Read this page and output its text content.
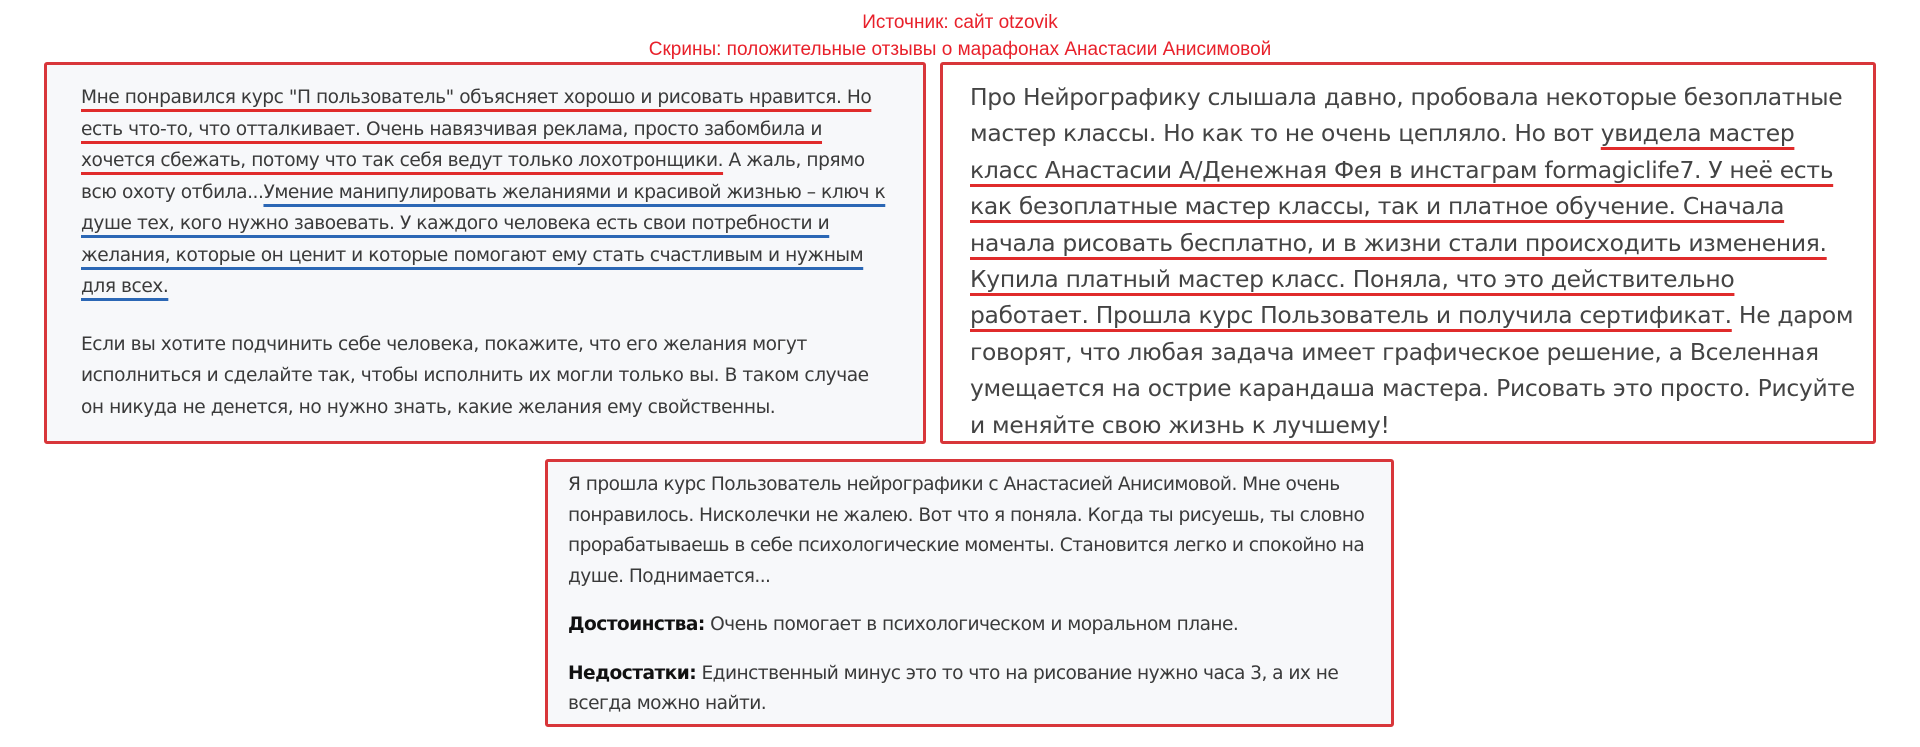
Источник: сайт otzovik
Скрины: положительные отзывы о марафонах Анастасии Анисимовой

Мне понравился курс "П пользователь" объясняет хорошо и рисовать нравится. Но есть что-то, что отталкивает. Очень навязчивая реклама, просто забомбила и хочется сбежать, потому что так себя ведут только лохотронщики. А жаль, прямо всю охоту отбила...Умение манипулировать желаниями и красивой жизнью – ключ к душе тех, кого нужно завоевать. У каждого человека есть свои потребности и желания, которые он ценит и которые помогают ему стать счастливым и нужным для всех.

Если вы хотите подчинить себе человека, покажите, что его желания могут исполниться и сделайте так, чтобы исполнить их могли только вы. В таком случае он никуда не денется, но нужно знать, какие желания ему свойственны.

Про Нейрографику слышала давно, пробовала некоторые безоплатные мастер классы. Но как то не очень цепляло. Но вот увидела мастер класс Анастасии А/Денежная Фея в инстаграм formagiclife7. У неё есть как безоплатные мастер классы, так и платное обучение. Сначала начала рисовать бесплатно, и в жизни стали происходить изменения. Купила платный мастер класс. Поняла, что это действительно работает. Прошла курс Пользователь и получила сертификат. Не даром говорят, что любая задача имеет графическое решение, а Вселенная умещается на острие карандаша мастера. Рисовать это просто. Рисуйте и меняйте свою жизнь к лучшему!

Я прошла курс Пользователь нейрографики с Анастасией Анисимовой. Мне очень понравилось. Нисколечки не жалею. Вот что я поняла. Когда ты рисуешь, ты словно прорабатываешь в себе психологические моменты. Становится легко и спокойно на душе. Поднимается...

Достоинства: Очень помогает в психологическом и моральном плане.

Недостатки: Единственный минус это то что на рисование нужно часа 3, а их не всегда можно найти.
